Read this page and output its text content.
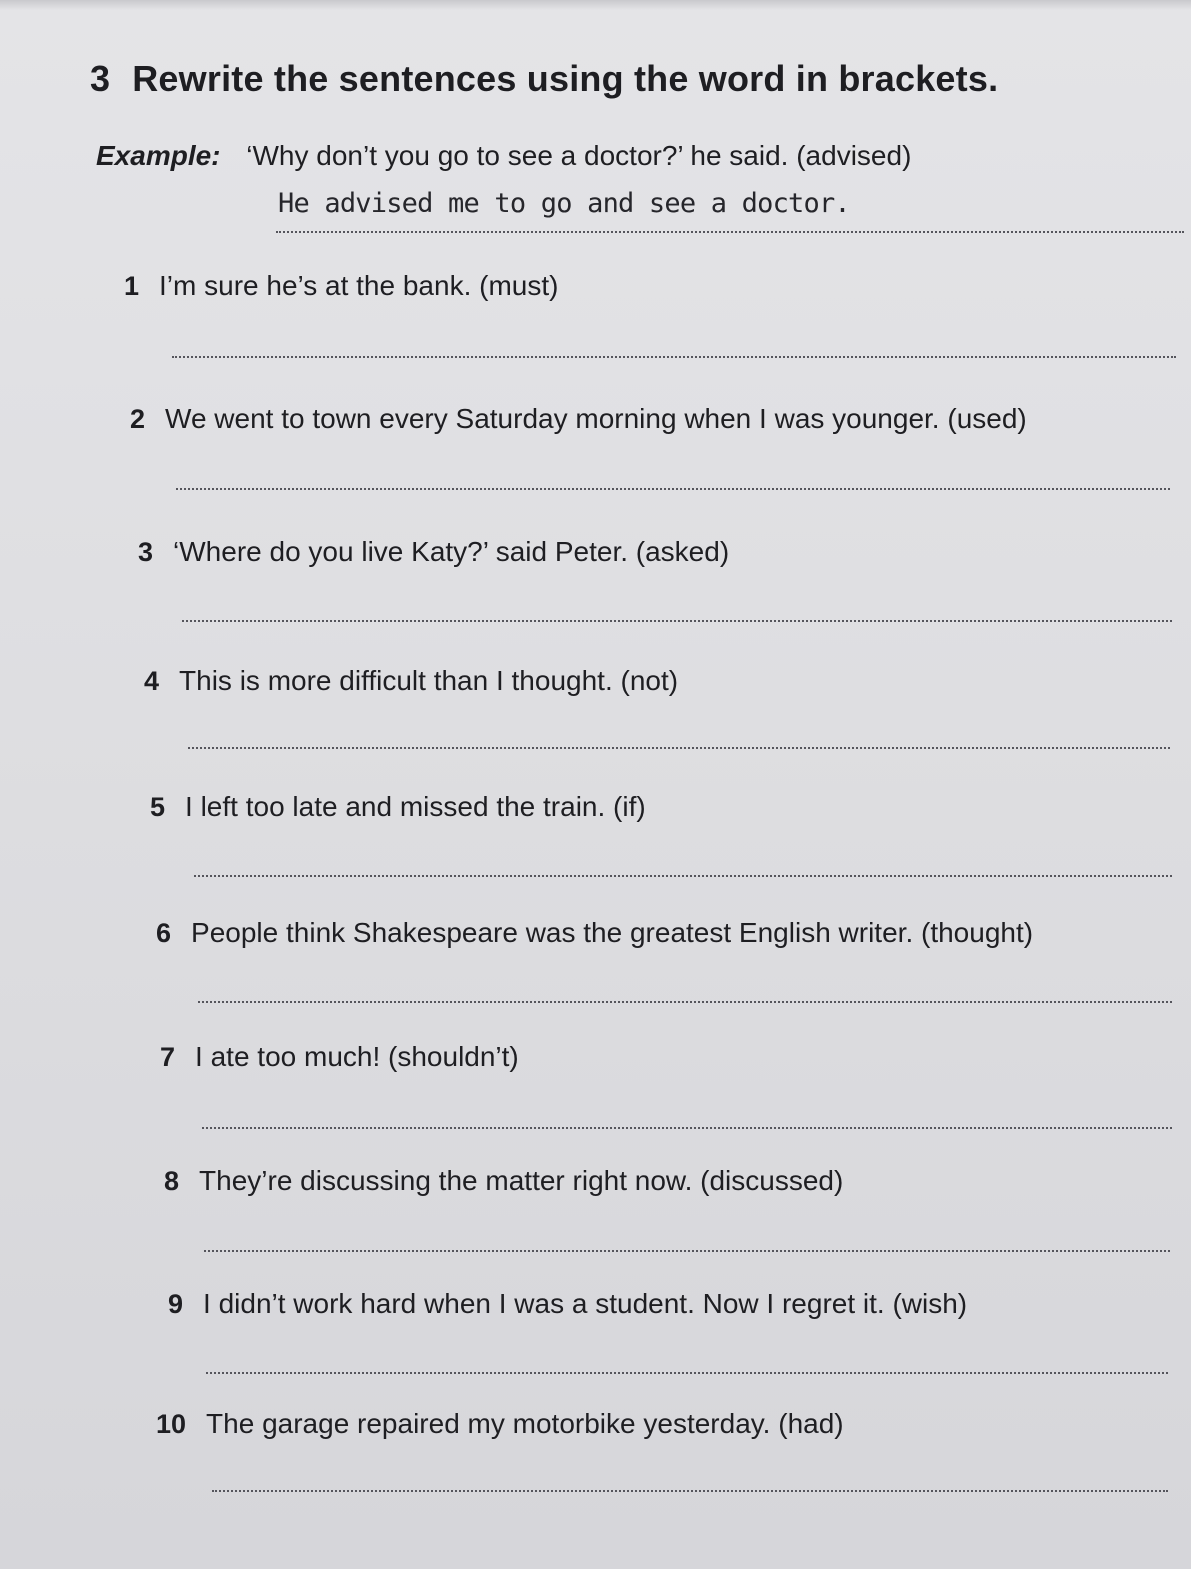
3 Rewrite the sentences using the word in brackets.
Example: ‘Why don’t you go to see a doctor?’ he said. (advised)
He advised me to go and see a doctor.
1 I’m sure he’s at the bank. (must)
2 We went to town every Saturday morning when I was younger. (used)
3 ‘Where do you live Katy?’ said Peter. (asked)
4 This is more difficult than I thought. (not)
5 I left too late and missed the train. (if)
6 People think Shakespeare was the greatest English writer. (thought)
7 I ate too much! (shouldn’t)
8 They’re discussing the matter right now. (discussed)
9 I didn’t work hard when I was a student. Now I regret it. (wish)
10 The garage repaired my motorbike yesterday. (had)
